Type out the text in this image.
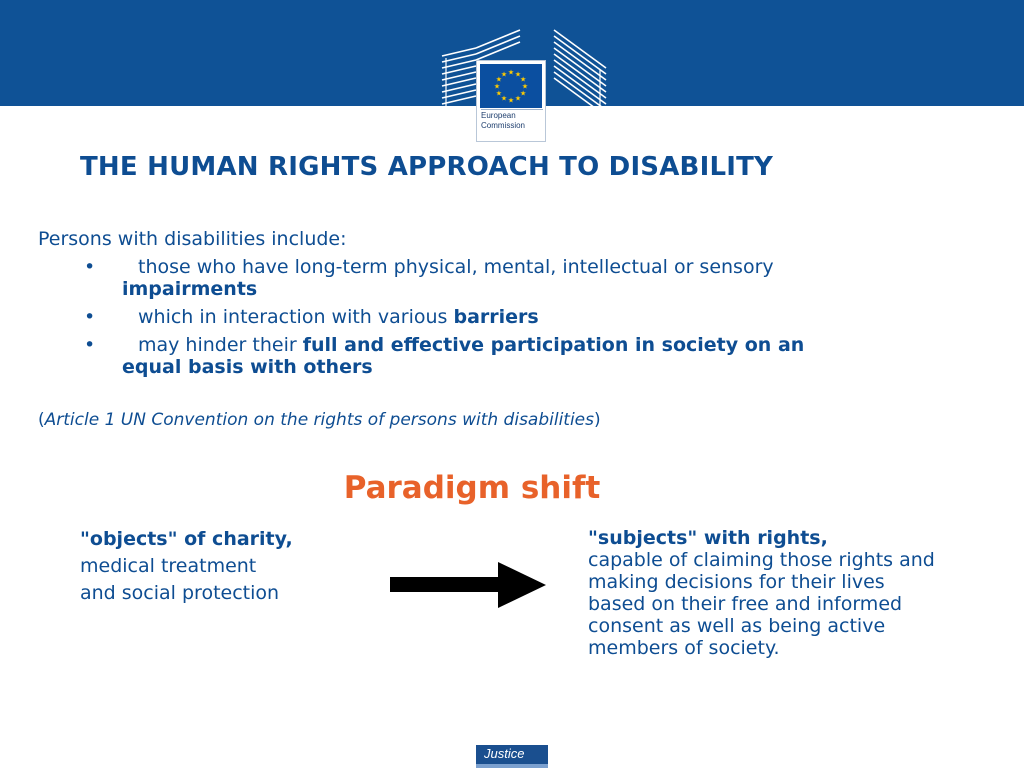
★ ★
★
★
★
★
★
★
★
★
★
★
European
Commission
THE HUMAN RIGHTS APPROACH TO DISABILITY
Persons with disabilities include:
• those who have long-term physical, mental, intellectual or sensory
impairments
• which in interaction with various barriers
• may hinder their full and effective participation in society on an
equal basis with others
(Article 1 UN Convention on the rights of persons with disabilities)
Paradigm shift
"objects" of charity,
medical treatment
and social protection
"subjects" with rights,
capable of claiming those rights and making decisions for their lives based on their free and informed consent as well as being active members of society.
Justice
